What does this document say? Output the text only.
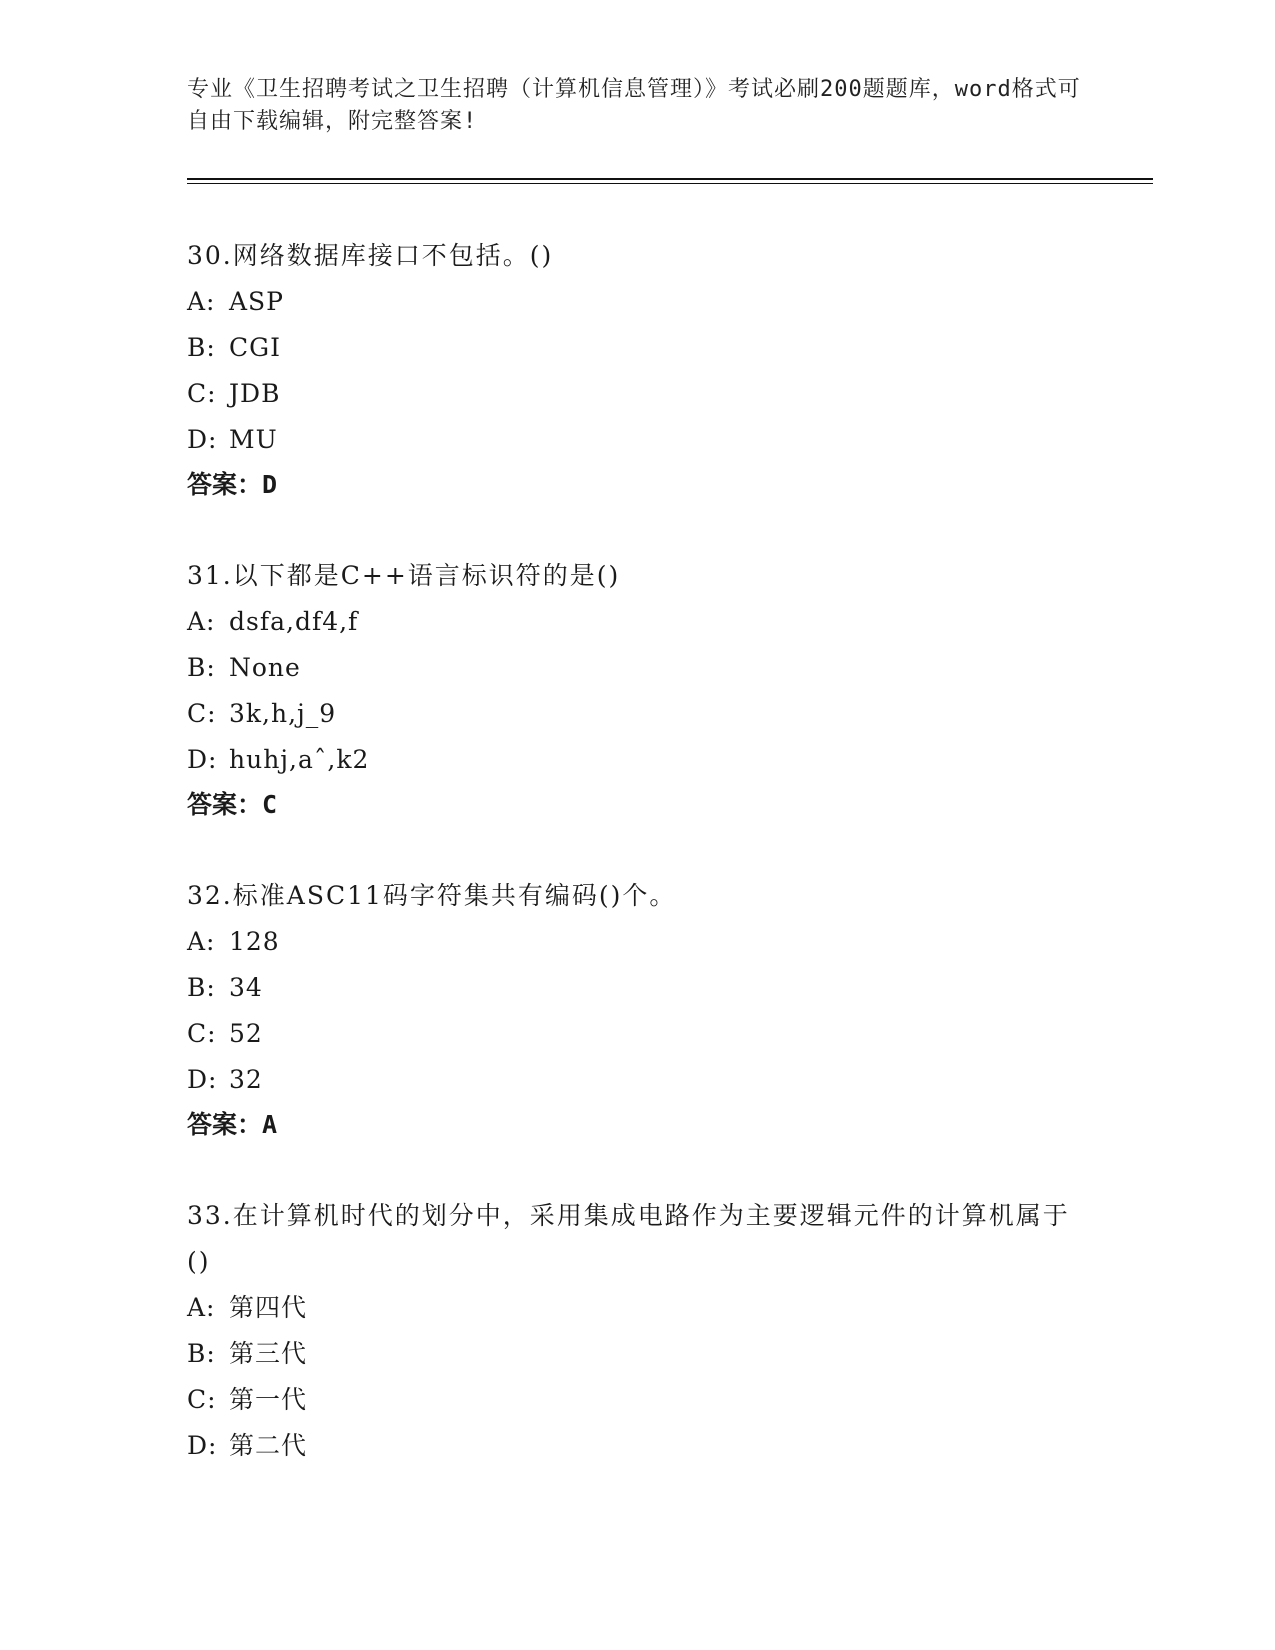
专业《卫生招聘考试之卫生招聘（计算机信息管理）》考试必刷200题题库，word格式可自由下载编辑，附完整答案!

30.网络数据库接口不包括。()

A: ASP

B: CGI

C: JDB

D: MU

答案：D

31.以下都是C++语言标识符的是()

A: dsfa,df4,f

B: None

C: 3k,h,j_9

D: huhj,aˆ,k2

答案：C

32.标准ASC11码字符集共有编码()个。

A: 128

B: 34

C: 52

D: 32

答案：A

33.在计算机时代的划分中，采用集成电路作为主要逻辑元件的计算机属于()

A: 第四代

B: 第三代

C: 第一代

D: 第二代
